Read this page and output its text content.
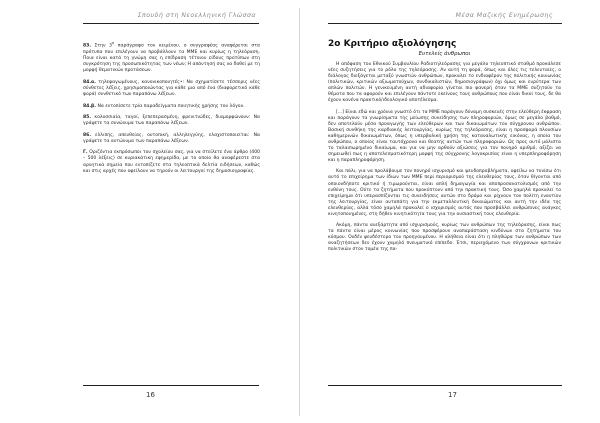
Σπουδή στη Νεοελληνική Γλώσσα

83. Στην $3^\eta$ παράγραφο του κειμένου, ο συγγραφέας αναφέρεται στα πρότυπα που επιλέγουν να προβάλλουν τα ΜΜΕ και κυρίως η τηλεόραση. Ποια είναι κατά τη γνώμη σας η επίδραση τέτοιου είδους προτύπων στη συγκρότηση της προσωπικότητας των νέων; Η απάντησή σας να δοθεί με τη μορφή θεματικών προτάσεων.

84.α. τηλεφαγωμένους, κανονικοποιητές•: Να σχηματίσετε τέσσερις νέες σύνθετες λέξεις, χρησιμοποιώντας για κάθε μια από ένα (διαφορετικό κάθε φορά) συνθετικό των παραπάνω λέξεων.

84.β. Να εντοπίσετε τρία παραδείγματα ποιητικής χρήσης του λόγου.

85. κολοσσιαία, ταγοί, ξεπεπερασμένη, φρενιτιώδες, διαμορφώνουν: Να γράψετε τα συνώνυμα των παραπάνω λέξεων.

86. ελλιπής, απευθείας, ουτοπική, αλληλεγγύης, ελαχιστοποιείται: Να γράψετε τα αντώνυμα των παραπάνω λέξεων.

Γ. Οριζόντια εκπρόσωποι του σχολείου σας, για να στείλετε ένα άρθρο (400 – 500 λέξεις) σε κυριακάτικη εφημερίδα, με το οποίο θα αναφέρεστε στα αρνητικά σημεία που εντοπίζετε στα τηλεοπτικά δελτία ειδήσεων, καθώς και στις αρχές που οφείλουν να τηρούν οι λειτουργοί της δημοσιογραφίας.

16
Μέσα Μαζικής Ενημέρωσης
2ο Κριτήριο αξιολόγησης
Ευτελείς άνθρωποι

Η απόφαση του Εθνικού Συμβουλίου Ραδιοτηλεόρασης για μεγάλο τηλεοπτικό σταθμό προκάλεσε νέες συζητήσεις για το ρόλο της τηλεόρασης. Αν αυτή τη φορά, όπως και όλες τις τελευταίες, ο διάλογος διεξάγεται μεταξύ γνωστών ανθρώπων, προκαλεί το ενδιαφέρον της πολιτικής κοινωνίας (πολιτικών, κριτικών αξιωματούχων, συνδικαλιστών, δημοσιογράφων) όχι όμως και ευρύτερα των απλών πολιτών. Η γενικευμένη αυτή αδιαφορία γίνεται πιο φανερή όταν τα ΜΜΕ συζητούν τα θέματα που τα αφορούν και επιλέγουν πάντοτε εκείνους τους ανθρώπους που είναι δικοί τους, δε θα έχουν κανένα πρακτικό/ιδεολογικό αποτέλεσμα.

[...] Είναι εδώ και χρόνια γνωστό ότι τα ΜΜΕ παράγουν δύναμη συσκευές στην ελεύθερη έκφραση και παράγουν τα γνωρίσματα της μείωσης συνείδησης των πληροφοριών, όμως σε μεγάλο βαθμό, δεν αποτελούν μέσα προαγωγής των ελεύθερων και των δικαιωμάτων του σύγχρονου ανθρώπου. Βασική συνθήκη της καρδιακής λειτουργίας, κυρίως της τηλεόρασης, είναι η προσφορά πλουσίων καθημερινών δικαιωμάτων, όπως η υπερβολική χρήση της καταναλωτικής εικόνας, η οποία του ανθρώπου, ο οποίος είναι ταυτόχρονα και θεατής αυτών των πληροφοριών. Ως προς αυτό μάλιστα το ταλαιπωρημένο δικαίωμα, και για να μην αρθούν αξιώσεις για τον πονηρό αριθμό, αξίζει να σημειωθεί πως η αποτελεσματικότερη μορφή της σύγχρονης λογοκρισίας είναι η υπερπληροφόρηση και η παραπληροφόρηση.

Και πάλι, για να προλάβουμε τον πονηρό ισχυρισμό και ψευδοπροβλήματα, οφείλω να τονίσω ότι αυτό το επιχείρημα των ίδιων των ΜΜΕ περί περιορισμού της ελευθερίας τους, όταν θίγονται από οποιονδήποτε κριτικό ή τιμωρούνται, είναι απλή δημαγωγία και αποπροσανατολισμός από την ευθύνη τους. Ούτε τα ζητήματα που προκύπτουν από την πρακτική τους. Όσο χαμηλά προκαλεί το επιχείρημα ότι υπερασπίζονται τις συνειδήσεις αυτών στο δρόμο και ρίχνουν τον πολίτη εναντίον της λειτουργίας, είναι αυταπάτη για την εκμεταλλευτική δικαιώματος και αυτή την ιδέα της ελευθερίας, αλλά τόσο χαμηλά προκαλεί ο ισχυρισμός αυτός που προσβάλλει ανθρώπινες ανάγκες κινητοποιημένες, στη δήθεν κινητικότητα τους για την ουσιαστική τους ελευθερία.

Ακόμη, πάντα ανεξάρτητα από ισχυρισμούς, κυρίως των ανθρώπων της τηλεόρασης, είναι πως τα πάντα είναι μέρος κοινωνίας που προσφέρουν αναπαράσταση κινδύνων στα ζητήματα του κόσμου. Ουδέν ψευδέστερο του προηγουμένου. Η αλήθεια είναι ότι η πληθώρα των ανθρώπων των αναζητήσεων δεν έχουν χαμηλό πνευματικό επίπεδο. Έτσι, περιεχόμενο των σύγχρονων κριτικών πολιτικών στον τομέα της πα-

17
